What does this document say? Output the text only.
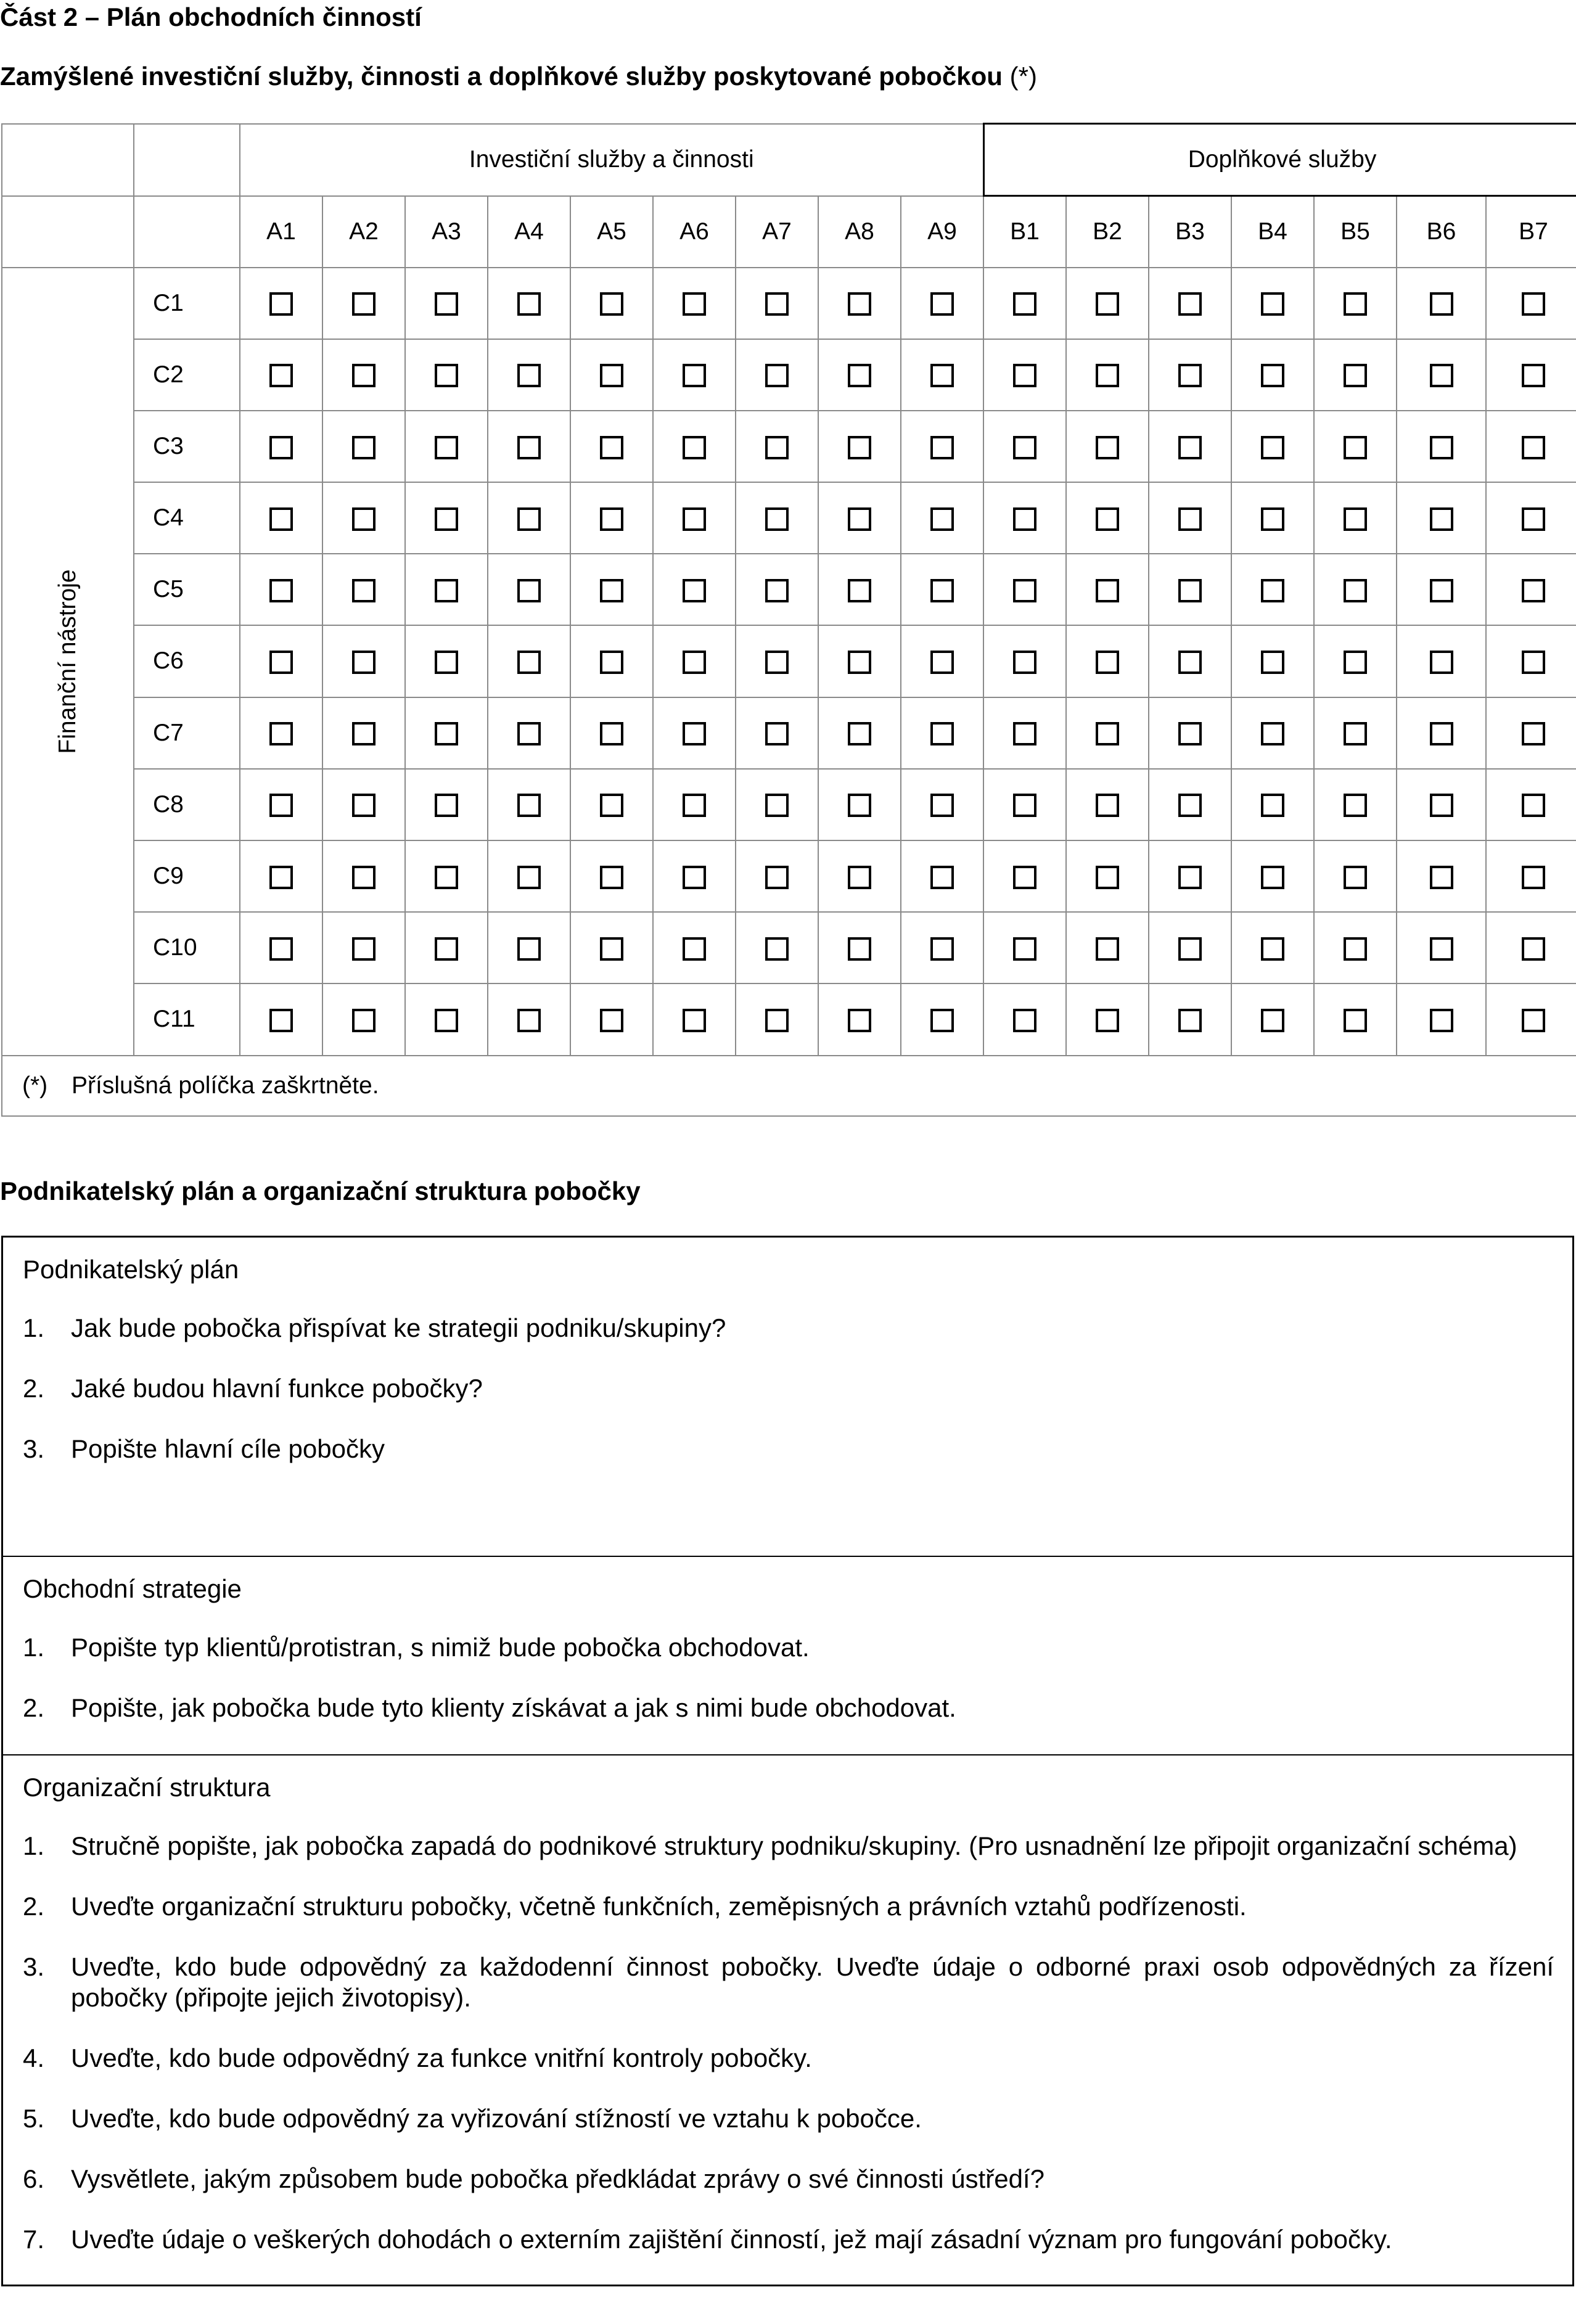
Část 2 – Plán obchodních činností
Zamýšlené investiční služby, činnosti a doplňkové služby poskytované pobočkou (*)
		Investiční služby a činnosti									Doplňkové služby						
		A1	A2	A3	A4	A5	A6	A7	A8	A9	B1	B2	B3	B4	B5	B6	B7

Finanční nástroje	C1																
	C2																
	C3																
	C4																
	C5																
	C6																
	C7																
	C8																
	C9																
	C10																
	C11																
(*) Příslušná políčka zaškrtněte.																	
Podnikatelský plán a organizační struktura pobočky
Podnikatelský plán
1.	Jak bude pobočka přispívat ke strategii podniku/skupiny?
2.	Jaké budou hlavní funkce pobočky?
3.	Popište hlavní cíle pobočky
Obchodní strategie
1.	Popište typ klientů/protistran, s nimiž bude pobočka obchodovat.
2.	Popište, jak pobočka bude tyto klienty získávat a jak s nimi bude obchodovat.
Organizační struktura
1.	Stručně popište, jak pobočka zapadá do podnikové struktury podniku/skupiny. (Pro usnadnění lze připojit organizační schéma)
2.	Uveďte organizační strukturu pobočky, včetně funkčních, zeměpisných a právních vztahů podřízenosti.
3.	Uveďte, kdo bude odpovědný za každodenní činnost pobočky. Uveďte údaje o odborné praxi osob odpovědných za řízení pobočky (připojte jejich životopisy).
4.	Uveďte, kdo bude odpovědný za funkce vnitřní kontroly pobočky.
5.	Uveďte, kdo bude odpovědný za vyřizování stížností ve vztahu k pobočce.
6.	Vysvětlete, jakým způsobem bude pobočka předkládat zprávy o své činnosti ústředí?
7.	Uveďte údaje o veškerých dohodách o externím zajištění činností, jež mají zásadní význam pro fungování pobočky.
